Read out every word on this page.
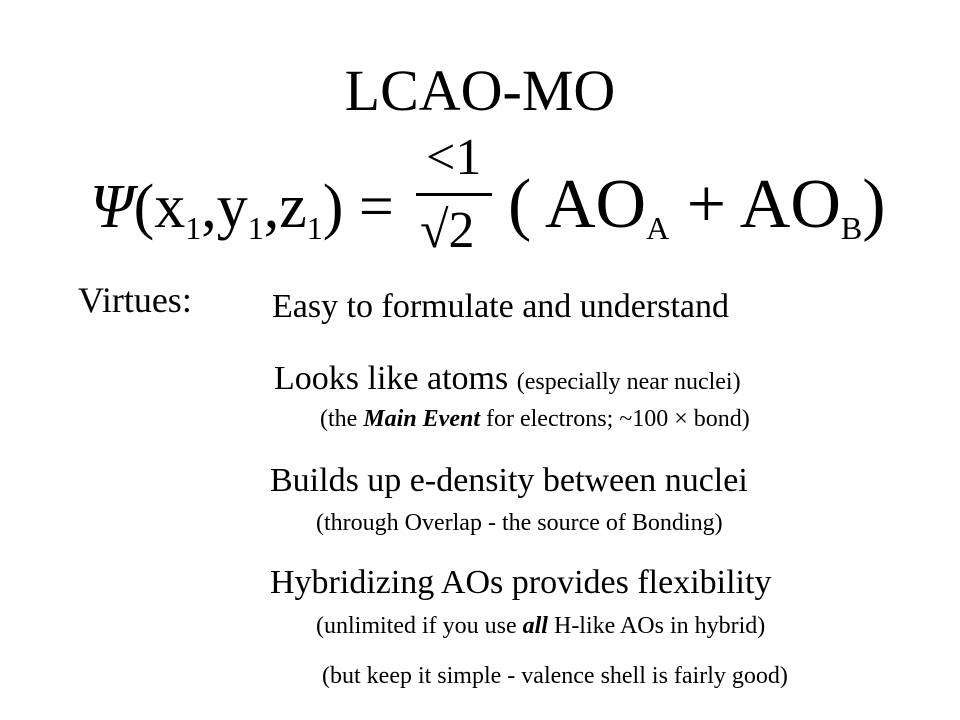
LCAO-MO
$\Psi(x_1,y_1,z_1)$ =
<1
√2 ( $AO_A + AO_B$)
Virtues: Easy to formulate and understand
Looks like atoms (especially near nuclei)
(the Main Event for electrons; ~100 × bond)
Builds up e-density between nuclei
(through Overlap - the source of Bonding)
Hybridizing AOs provides flexibility
(unlimited if you use all H-like AOs in hybrid)
(but keep it simple - valence shell is fairly good)
